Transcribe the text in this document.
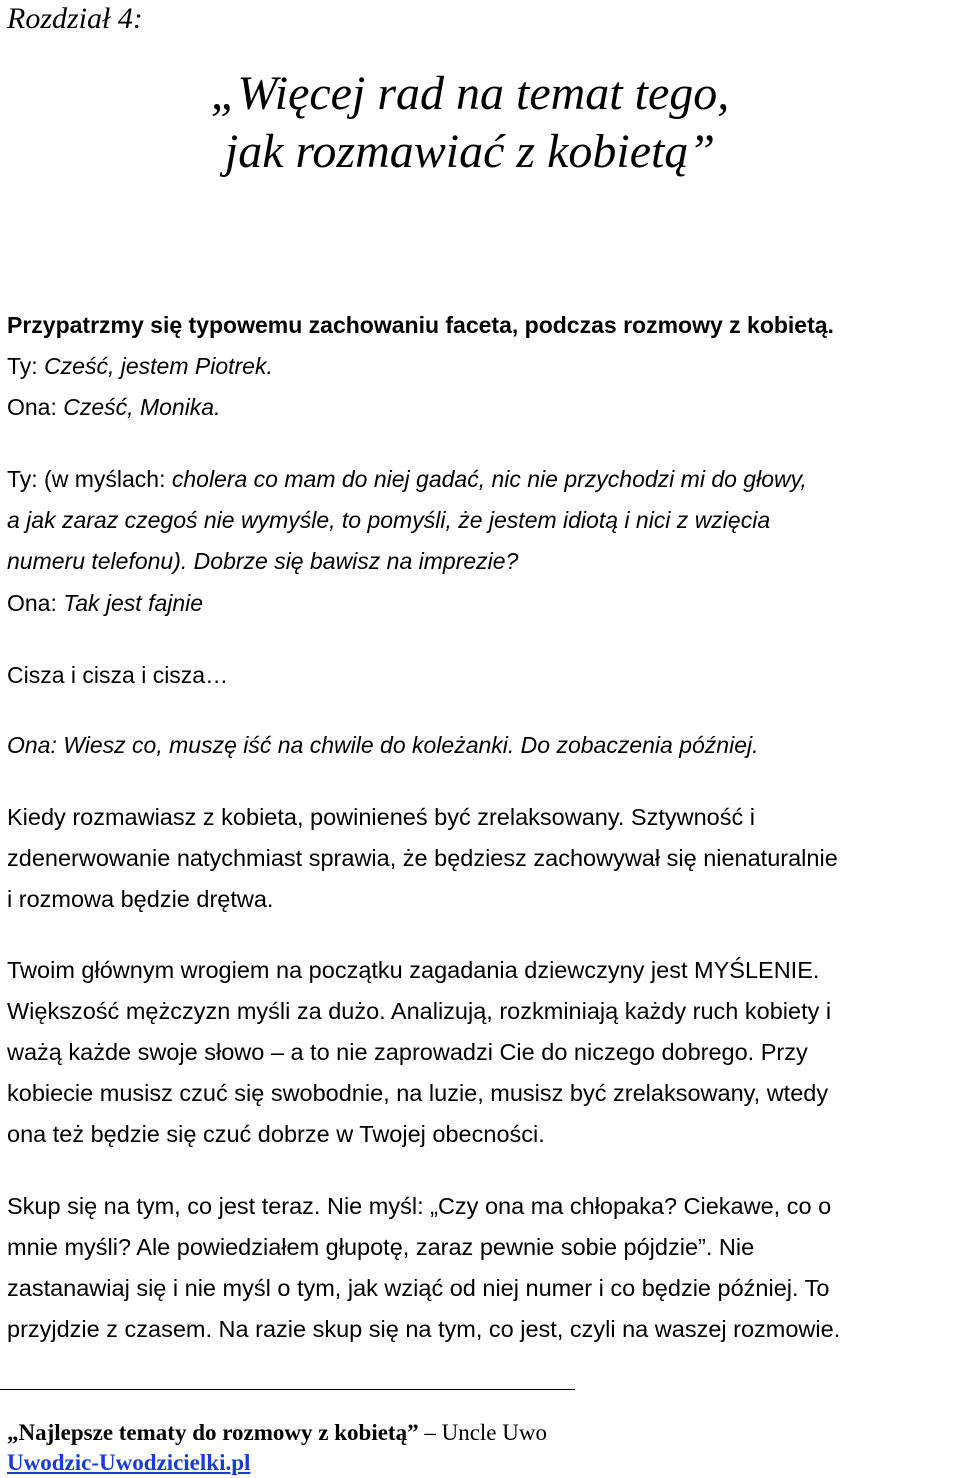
Rozdział 4:
„Więcej rad na temat tego,
jak rozmawiać z kobietą”
Przypatrzmy się typowemu zachowaniu faceta, podczas rozmowy z kobietą.
Ty: Cześć, jestem Piotrek.
Ona: Cześć, Monika.
Ty: (w myślach: cholera co mam do niej gadać, nic nie przychodzi mi do głowy,
a jak zaraz czegoś nie wymyśle, to pomyśli, że jestem idiotą i nici z wzięcia
numeru telefonu). Dobrze się bawisz na imprezie?
Ona: Tak jest fajnie
Cisza i cisza i cisza…
Ona: Wiesz co, muszę iść na chwile do koleżanki. Do zobaczenia później.
Kiedy rozmawiasz z kobieta, powinieneś być zrelaksowany. Sztywność i
zdenerwowanie natychmiast sprawia, że będziesz zachowywał się nienaturalnie
i rozmowa będzie drętwa.
Twoim głównym wrogiem na początku zagadania dziewczyny jest MYŚLENIE.
Większość mężczyzn myśli za dużo. Analizują, rozkminiają każdy ruch kobiety i
ważą każde swoje słowo – a to nie zaprowadzi Cie do niczego dobrego. Przy
kobiecie musisz czuć się swobodnie, na luzie, musisz być zrelaksowany, wtedy
ona też będzie się czuć dobrze w Twojej obecności.
Skup się na tym, co jest teraz. Nie myśl: „Czy ona ma chłopaka? Ciekawe, co o
mnie myśli? Ale powiedziałem głupotę, zaraz pewnie sobie pójdzie”. Nie
zastanawiaj się i nie myśl o tym, jak wziąć od niej numer i co będzie później. To
przyjdzie z czasem. Na razie skup się na tym, co jest, czyli na waszej rozmowie.
„Najlepsze tematy do rozmowy z kobietą” – Uncle Uwo
Uwodzic-Uwodzicielki.pl
